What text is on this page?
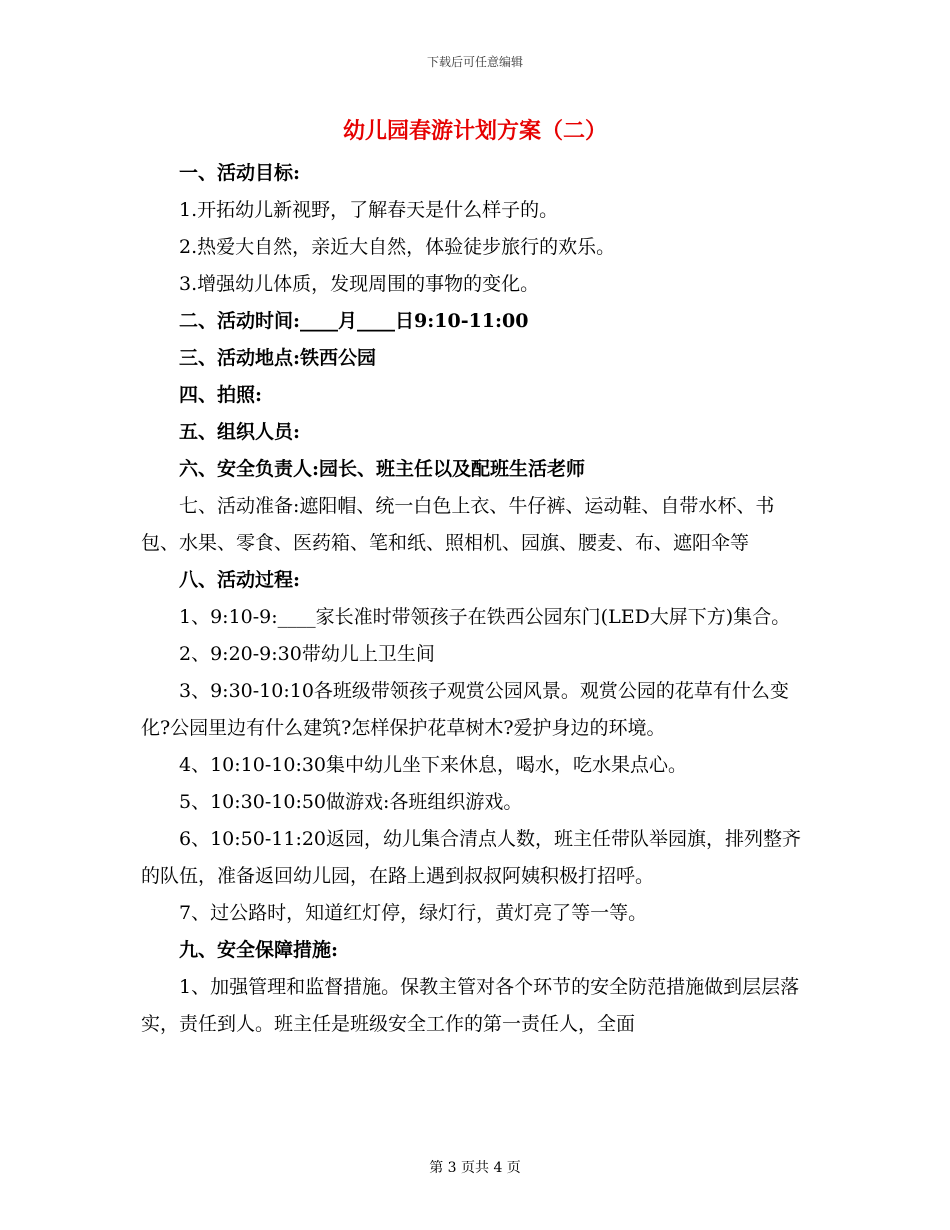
下载后可任意编辑
幼儿园春游计划方案（二）

一、活动目标:

1.开拓幼儿新视野，了解春天是什么样子的。

2.热爱大自然，亲近大自然，体验徒步旅行的欢乐。

3.增强幼儿体质，发现周围的事物的变化。

二、活动时间:____月____日9:10-11:00

三、活动地点:铁西公园

四、拍照:

五、组织人员:

六、安全负责人:园长、班主任以及配班生活老师

七、活动准备:遮阳帽、统一白色上衣、牛仔裤、运动鞋、自带水杯、书包、水果、零食、医药箱、笔和纸、照相机、园旗、腰麦、布、遮阳伞等

八、活动过程:

1、9:10-9:____家长准时带领孩子在铁西公园东门(LED大屏下方)集合。

2、9:20-9:30带幼儿上卫生间

3、9:30-10:10各班级带领孩子观赏公园风景。观赏公园的花草有什么变化?公园里边有什么建筑?怎样保护花草树木?爱护身边的环境。

4、10:10-10:30集中幼儿坐下来休息，喝水，吃水果点心。

5、10:30-10:50做游戏:各班组织游戏。

6、10:50-11:20返园，幼儿集合清点人数，班主任带队举园旗，排列整齐的队伍，准备返回幼儿园，在路上遇到叔叔阿姨积极打招呼。

7、过公路时，知道红灯停，绿灯行，黄灯亮了等一等。

九、安全保障措施:

1、加强管理和监督措施。保教主管对各个环节的安全防范措施做到层层落实，责任到人。班主任是班级安全工作的第一责任人，全面

第 3 页共 4 页
